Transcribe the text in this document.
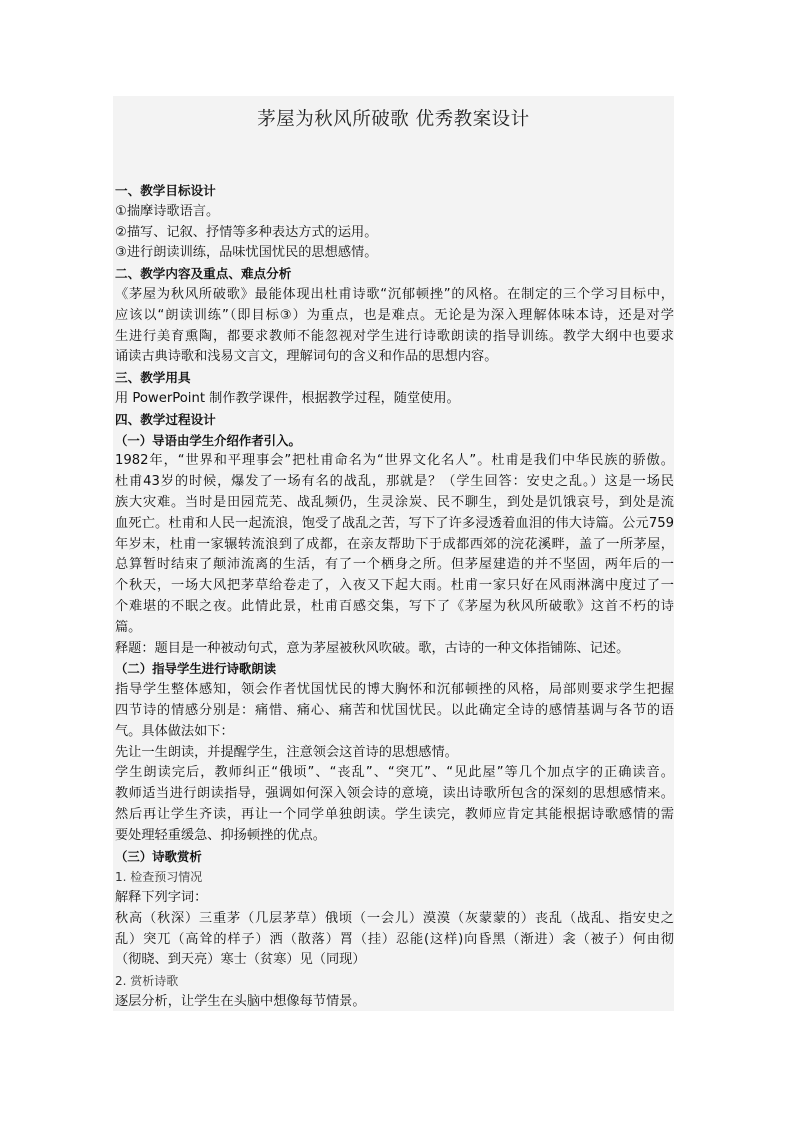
茅屋为秋风所破歌 优秀教案设计
一、教学目标设计
①揣摩诗歌语言。
②描写、记叙、抒情等多种表达方式的运用。
③进行朗读训练，品味忧国忧民的思想感情。
二、教学内容及重点、难点分析
《茅屋为秋风所破歌》最能体现出杜甫诗歌“沉郁顿挫”的风格。在制定的三个学习目标中，
应该以“朗读训练”（即目标③）为重点，也是难点。无论是为深入理解体味本诗，还是对学
生进行美育熏陶，都要求教师不能忽视对学生进行诗歌朗读的指导训练。教学大纲中也要求
诵读古典诗歌和浅易文言文，理解词句的含义和作品的思想内容。
三、教学用具
用 PowerPoint 制作教学课件，根据教学过程，随堂使用。
四、教学过程设计
（一）导语由学生介绍作者引入。
1982年，“世界和平理事会”把杜甫命名为“世界文化名人”。杜甫是我们中华民族的骄傲。
杜甫43岁的时候，爆发了一场有名的战乱，那就是？（学生回答：安史之乱。）这是一场民
族大灾难。当时是田园荒芜、战乱频仍，生灵涂炭、民不聊生，到处是饥饿哀号，到处是流
血死亡。杜甫和人民一起流浪，饱受了战乱之苦，写下了许多浸透着血泪的伟大诗篇。公元759
年岁末，杜甫一家辗转流浪到了成都，在亲友帮助下于成都西郊的浣花溪畔，盖了一所茅屋，
总算暂时结束了颠沛流离的生活，有了一个栖身之所。但茅屋建造的并不坚固，两年后的一
个秋天，一场大风把茅草给卷走了，入夜又下起大雨。杜甫一家只好在风雨淋漓中度过了一
个难堪的不眠之夜。此情此景，杜甫百感交集，写下了《茅屋为秋风所破歌》这首不朽的诗
篇。
释题：题目是一种被动句式，意为茅屋被秋风吹破。歌，古诗的一种文体指铺陈、记述。
（二）指导学生进行诗歌朗读
指导学生整体感知，领会作者忧国忧民的博大胸怀和沉郁顿挫的风格，局部则要求学生把握
四节诗的情感分别是：痛惜、痛心、痛苦和忧国忧民。以此确定全诗的感情基调与各节的语
气。具体做法如下：
先让一生朗读，并提醒学生，注意领会这首诗的思想感情。
学生朗读完后，教师纠正“俄顷”、“丧乱”、“突兀”、“见此屋”等几个加点字的正确读音。
教师适当进行朗读指导，强调如何深入领会诗的意境，读出诗歌所包含的深刻的思想感情来。
然后再让学生齐读，再让一个同学单独朗读。学生读完，教师应肯定其能根据诗歌感情的需
要处理轻重缓急、抑扬顿挫的优点。
（三）诗歌赏析
1. 检查预习情况
解释下列字词：
秋高（秋深）三重茅（几层茅草）俄顷（一会儿）漠漠（灰蒙蒙的）丧乱（战乱、指安史之
乱）突兀（高耸的样子）洒（散落）罥（挂）忍能(这样)向昏黑（渐进）衾（被子）何由彻
（彻晓、到天亮）寒士（贫寒）见（同现）
2. 赏析诗歌
逐层分析，让学生在头脑中想像每节情景。
